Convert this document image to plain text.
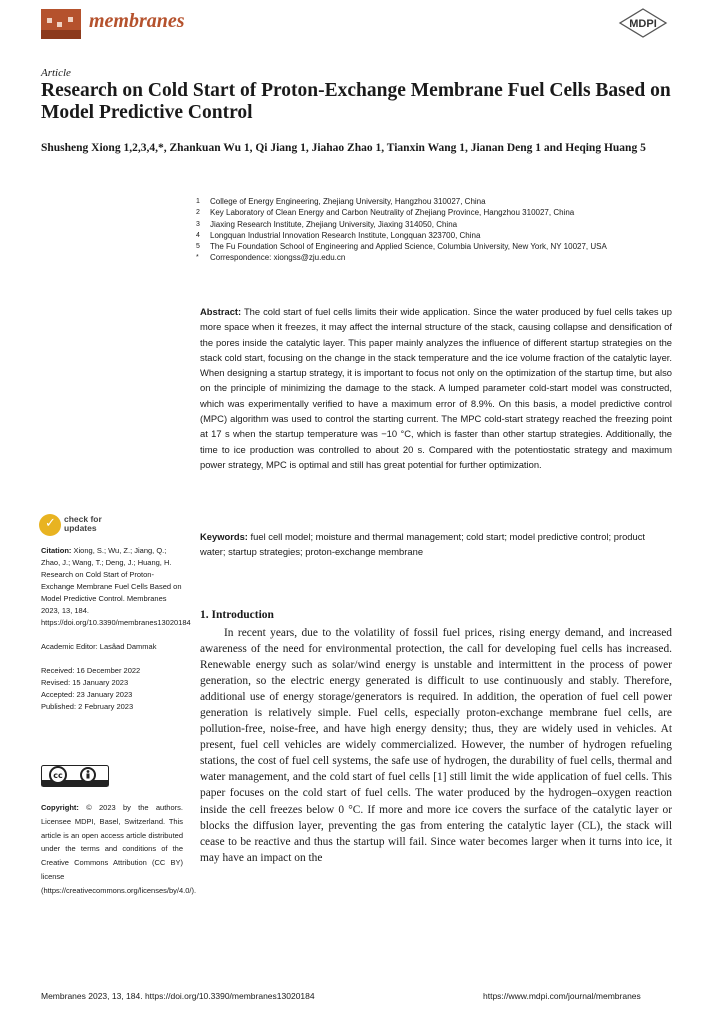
membranes	MDPI
Article
Research on Cold Start of Proton-Exchange Membrane Fuel Cells Based on Model Predictive Control
Shusheng Xiong 1,2,3,4,*, Zhankuan Wu 1, Qi Jiang 1, Jiahao Zhao 1, Tianxin Wang 1, Jianan Deng 1 and Heqing Huang 5
1 College of Energy Engineering, Zhejiang University, Hangzhou 310027, China
2 Key Laboratory of Clean Energy and Carbon Neutrality of Zhejiang Province, Hangzhou 310027, China
3 Jiaxing Research Institute, Zhejiang University, Jiaxing 314050, China
4 Longquan Industrial Innovation Research Institute, Longquan 323700, China
5 The Fu Foundation School of Engineering and Applied Science, Columbia University, New York, NY 10027, USA
* Correspondence: xiongss@zju.edu.cn
Abstract: The cold start of fuel cells limits their wide application. Since the water produced by fuel cells takes up more space when it freezes, it may affect the internal structure of the stack, causing collapse and densification of the pores inside the catalytic layer. This paper mainly analyzes the influence of different startup strategies on the stack cold start, focusing on the change in the stack temperature and the ice volume fraction of the catalytic layer. When designing a startup strategy, it is important to focus not only on the optimization of the startup time, but also on the principle of minimizing the damage to the stack. A lumped parameter cold-start model was constructed, which was experimentally verified to have a maximum error of 8.9%. On this basis, a model predictive control (MPC) algorithm was used to control the starting current. The MPC cold-start strategy reached the freezing point at 17 s when the startup temperature was −10 °C, which is faster than other startup strategies. Additionally, the time to ice production was controlled to about 20 s. Compared with the potentiostatic strategy and maximum power strategy, MPC is optimal and still has great potential for further optimization.
Keywords: fuel cell model; moisture and thermal management; cold start; model predictive control; product water; startup strategies; proton-exchange membrane
✓ check for updates
Citation: Xiong, S.; Wu, Z.; Jiang, Q.; Zhao, J.; Wang, T.; Deng, J.; Huang, H. Research on Cold Start of Proton-Exchange Membrane Fuel Cells Based on Model Predictive Control. Membranes 2023, 13, 184. https://doi.org/10.3390/membranes13020184
Academic Editor: Lasâad Dammak
Received: 16 December 2022
Revised: 15 January 2023
Accepted: 23 January 2023
Published: 2 February 2023
cc
Copyright: © 2023 by the authors. Licensee MDPI, Basel, Switzerland. This article is an open access article distributed under the terms and conditions of the Creative Commons Attribution (CC BY) license (https://creativecommons.org/licenses/by/4.0/).
1. Introduction
In recent years, due to the volatility of fossil fuel prices, rising energy demand, and increased awareness of the need for environmental protection, the call for developing fuel cells has increased. Renewable energy such as solar/wind energy is unstable and intermittent in the process of power generation, so the electric energy generated is difficult to use continuously and stably. Therefore, additional use of energy storage/generators is required. In addition, the operation of fuel cell power generation is relatively simple. Fuel cells, especially proton-exchange membrane fuel cells, are pollution-free, noise-free, and have high energy density; thus, they are widely used in vehicles. At present, fuel cell vehicles are widely commercialized. However, the number of hydrogen refueling stations, the cost of fuel cell systems, the safe use of hydrogen, the durability of fuel cells, thermal and water management, and the cold start of fuel cells [1] still limit the wide application of fuel cells. This paper focuses on the cold start of fuel cells. The water produced by the hydrogen–oxygen reaction inside the cell freezes below 0 °C. If more and more ice covers the surface of the catalytic layer or blocks the diffusion layer, preventing the gas from entering the catalytic layer (CL), the stack will cease to be reactive and thus the startup will fail. Since water becomes larger when it turns into ice, it may have an impact on the
Membranes 2023, 13, 184. https://doi.org/10.3390/membranes13020184	https://www.mdpi.com/journal/membranes
